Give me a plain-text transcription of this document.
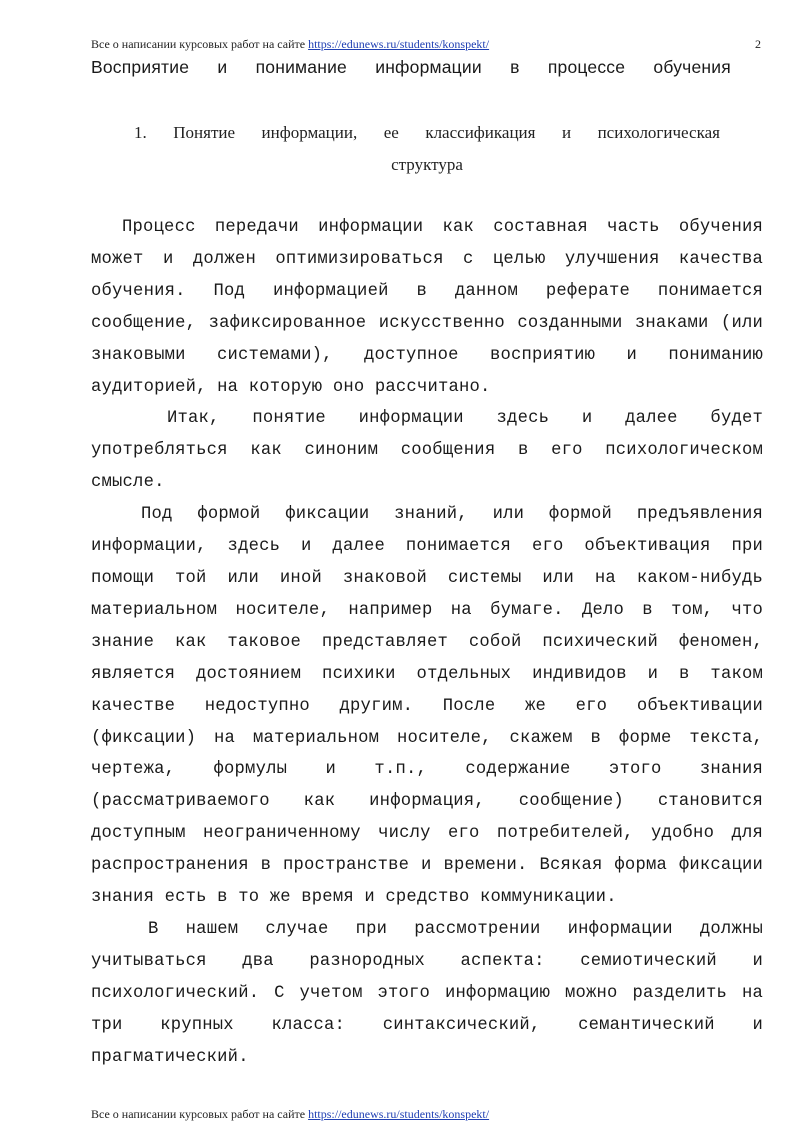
Все о написании курсовых работ на сайте https://edunews.ru/students/konspekt/	2
Восприятие и понимание информации в процессе обучения
1. Понятие информации, ее классификация и психологическая
структура

Процесс передачи информации как составная часть обучения может и должен оптимизироваться с целью улучшения качества обучения. Под информацией в данном реферате понимается сообщение, зафиксированное искусственно созданными знаками (или знаковыми системами), доступное восприятию и пониманию аудиторией, на которую оно рассчитано.

Итак, понятие информации здесь и далее будет употребляться как синоним сообщения в его психологическом смысле.

Под формой фиксации знаний, или формой предъявления информации, здесь и далее понимается его объективация при помощи той или иной знаковой системы или на каком-нибудь материальном носителе, например на бумаге. Дело в том, что знание как таковое представляет собой психический феномен, является достоянием психики отдельных индивидов и в таком качестве недоступно другим. После же его объективации (фиксации) на материальном носителе, скажем в форме текста, чертежа, формулы и т.п., содержание этого знания (рассматриваемого как информация, сообщение) становится доступным неограниченному числу его потребителей, удобно для распространения в пространстве и времени. Всякая форма фиксации знания есть в то же время и средство коммуникации.

В нашем случае при рассмотрении информации должны учитываться два разнородных аспекта: семиотический и психологический. С учетом этого информацию можно разделить на три крупных класса: синтаксический, семантический и прагматический.

Все о написании курсовых работ на сайте https://edunews.ru/students/konspekt/
